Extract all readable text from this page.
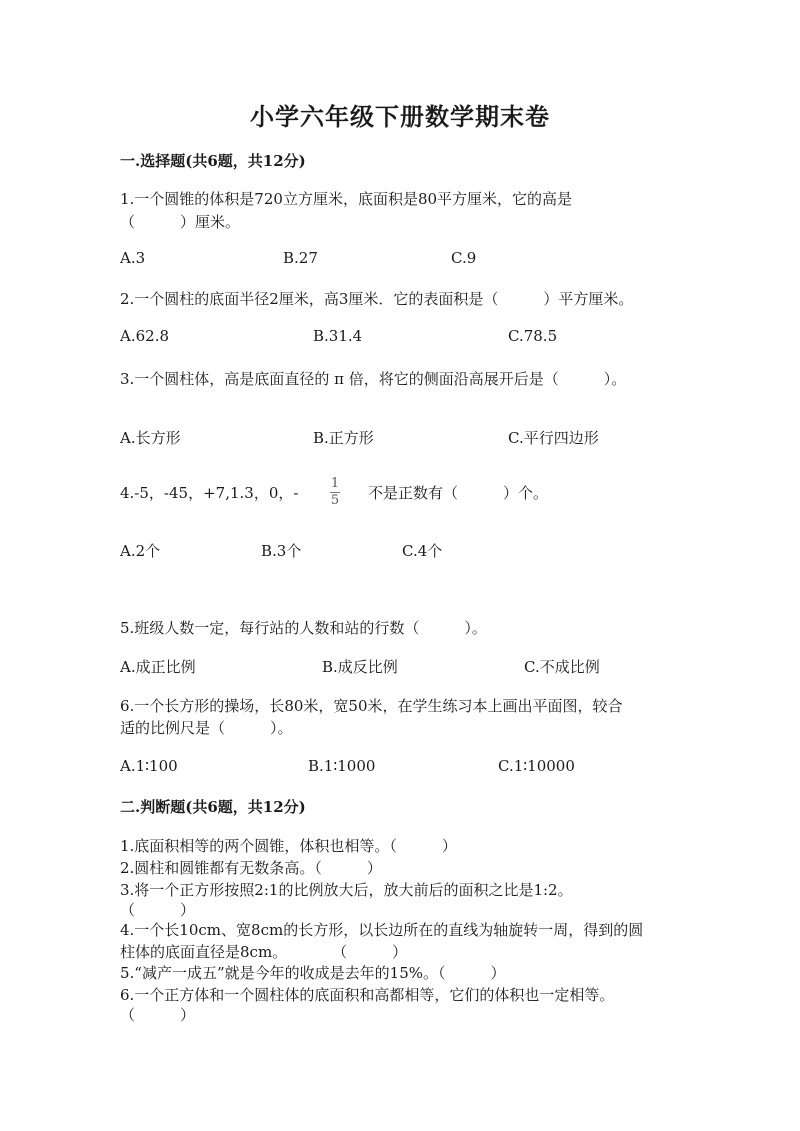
小学六年级下册数学期末卷
一.选择题(共6题，共12分)
1.一个圆锥的体积是720立方厘米，底面积是80平方厘米，它的高是
（　　　）厘米。
A.3	B.27	C.9
2.一个圆柱的底面半径2厘米，高3厘米．它的表面积是（　　　）平方厘米。
A.62.8	B.31.4	C.78.5
3.一个圆柱体，高是底面直径的 π 倍，将它的侧面沿高展开后是（　　　）。
A.长方形	B.正方形	C.平行四边形
4.-5，-45，+7,1.3，0，-
1
5 不是正数有（　　　）个。
A.2个	B.3个	C.4个
5.班级人数一定，每行站的人数和站的行数（　　　）。
A.成正比例	B.成反比例	C.不成比例
6.一个长方形的操场，长80米，宽50米，在学生练习本上画出平面图，较合
适的比例尺是（　　　）。
A.1∶100	B.1∶1000	C.1∶10000
二.判断题(共6题，共12分)
1.底面积相等的两个圆锥，体积也相等。（　　　）
2.圆柱和圆锥都有无数条高。（　　　）
3.将一个正方形按照2:1的比例放大后，放大前后的面积之比是1:2。
（　　　）
4.一个长10cm、宽8cm的长方形，以长边所在的直线为轴旋转一周，得到的圆
柱体的底面直径是8cm。　　　　（　　　）
5.“减产一成五”就是今年的收成是去年的15%。（　　　）
6.一个正方体和一个圆柱体的底面积和高都相等，它们的体积也一定相等。
（　　　）
